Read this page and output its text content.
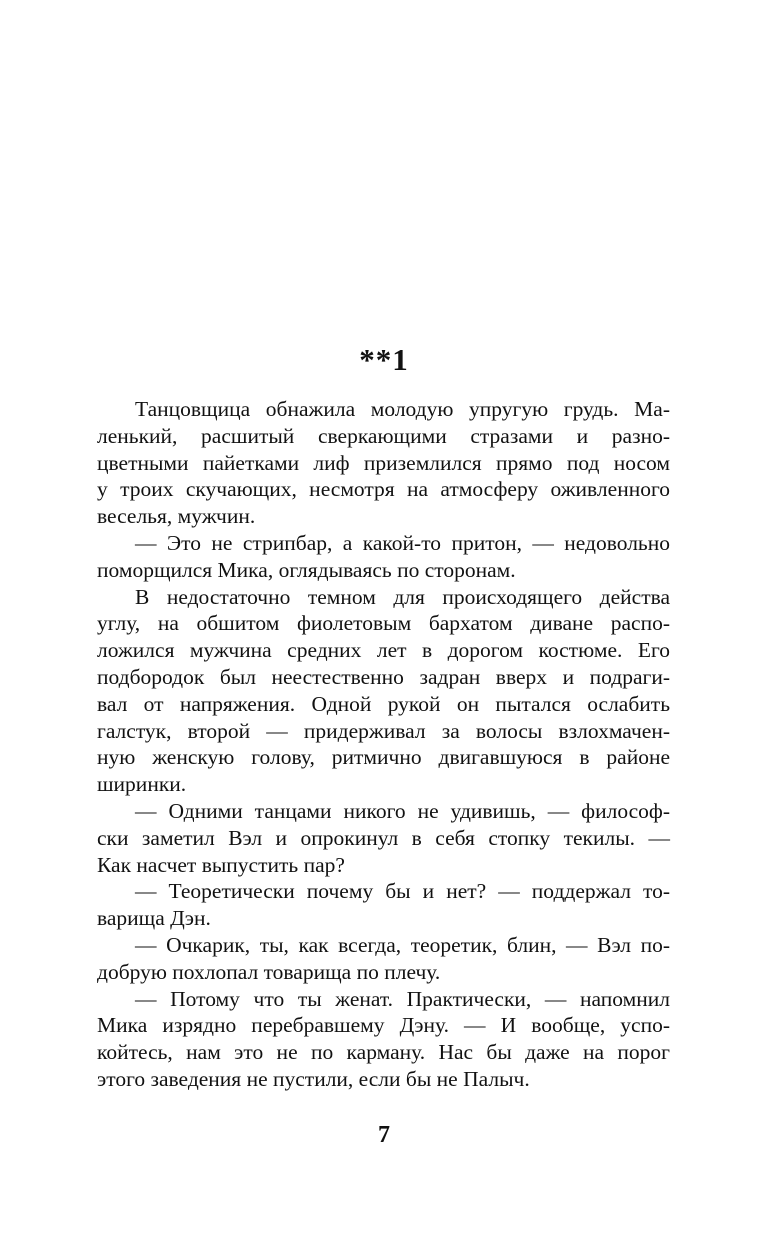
**1
Танцовщица обнажила молодую упругую грудь. Ма-
ленький, расшитый сверкающими стразами и разно-
цветными пайетками лиф приземлился прямо под носом
у троих скучающих, несмотря на атмосферу оживленного
веселья, мужчин.
— Это не стрипбар, а какой-то притон, — недовольно
поморщился Мика, оглядываясь по сторонам.
В недостаточно темном для происходящего действа
углу, на обшитом фиолетовым бархатом диване распо-
ложился мужчина средних лет в дорогом костюме. Его
подбородок был неестественно задран вверх и подраги-
вал от напряжения. Одной рукой он пытался ослабить
галстук, второй — придерживал за волосы взлохмачен-
ную женскую голову, ритмично двигавшуюся в районе
ширинки.
— Одними танцами никого не удивишь, — философ-
ски заметил Вэл и опрокинул в себя стопку текилы. —
Как насчет выпустить пар?
— Теоретически почему бы и нет? — поддержал то-
варища Дэн.
— Очкарик, ты, как всегда, теоретик, блин, — Вэл по-
добрую похлопал товарища по плечу.
— Потому что ты женат. Практически, — напомнил
Мика изрядно перебравшему Дэну. — И вообще, успо-
койтесь, нам это не по карману. Нас бы даже на порог
этого заведения не пустили, если бы не Палыч.
7
